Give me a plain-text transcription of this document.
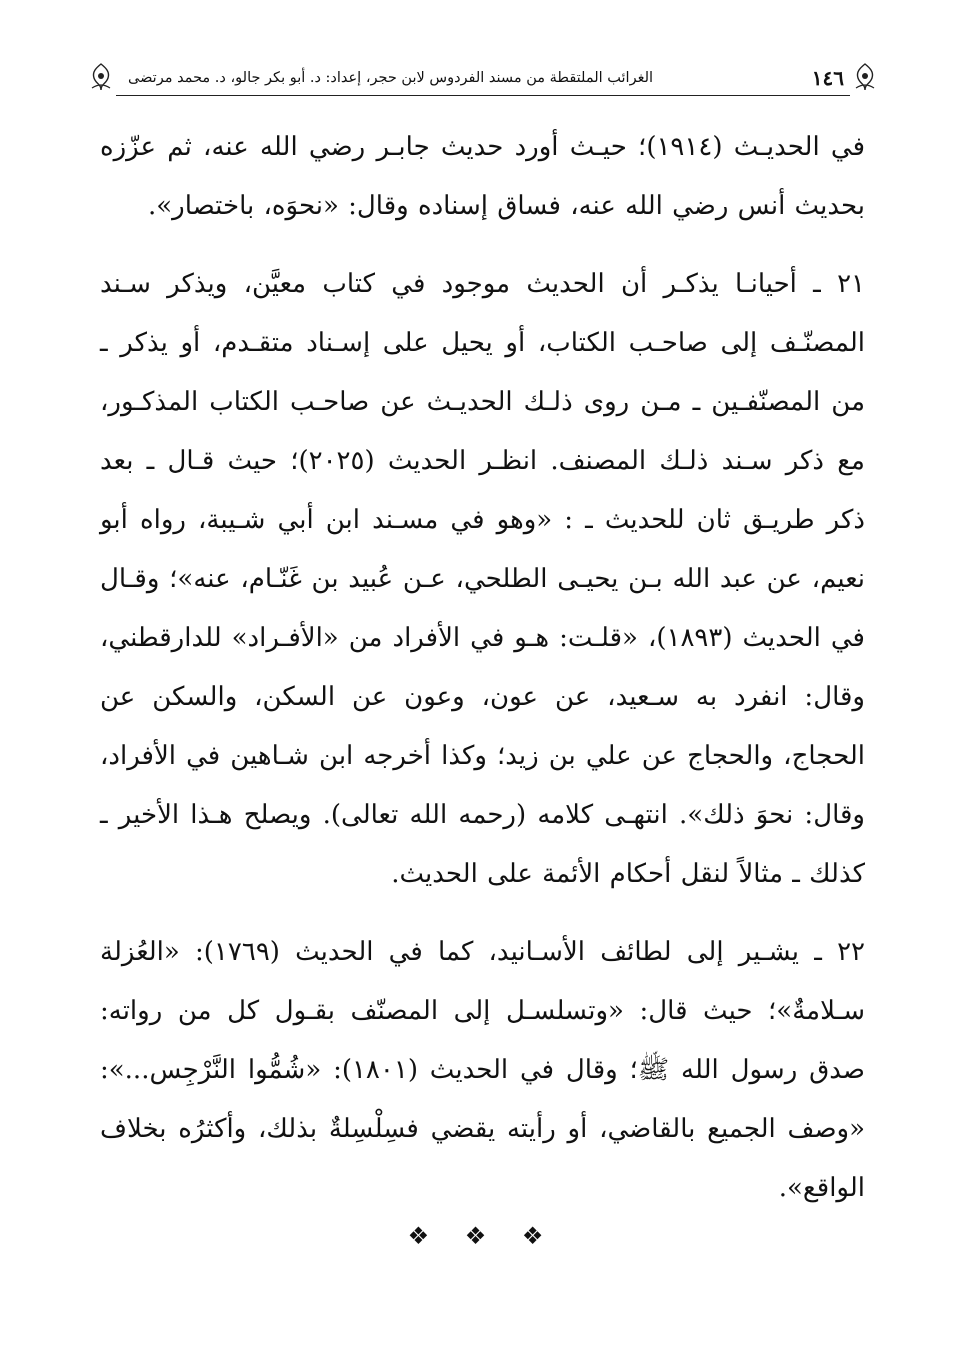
١٤٦
الغرائب الملتقطة من مسند الفردوس لابن حجر، إعداد: د. أبو بكر جالو، د. محمد مرتضى

في الحديـث (١٩١٤)؛ حيـث أورد حديث جابـر رضي الله عنه، ثم عزّزه بحديث أنس رضي الله عنه، فساق إسناده وقال: «نحوَه، باختصار».

٢١ ـ أحيانـا يذكـر أن الحديث موجود في كتاب معيَّن، ويذكر سـند المصنّـف إلى صاحـب الكتاب، أو يحيل على إسـناد متقـدم، أو يذكر ـ من المصنّفـين ـ مـن روى ذلـك الحديـث عن صاحـب الكتاب المذكـور، مع ذكر سـند ذلـك المصنف. انظـر الحديث (٢٠٢٥)؛ حيث قـال ـ بعد ذكر طريـق ثان للحديث ـ : «وهو في مسـند ابن أبي شـيبة، رواه أبو نعيم، عن عبد الله بـن يحيـى الطلحي، عـن عُبيد بن غَنّـام، عنه»؛ وقـال في الحديث (١٨٩٣)، «قلـت: هـو في الأفراد من «الأفـراد» للدارقطني، وقال: انفرد به سـعيد، عن عون، وعون عن السكن، والسكن عن الحجاج، والحجاج عن علي بن زيد؛ وكذا أخرجه ابن شـاهين في الأفراد، وقال: نحوَ ذلك». انتهـى كلامه (رحمه الله تعالى). ويصلح هـذا الأخير ـ كذلك ـ مثالاً لنقل أحكام الأئمة على الحديث.

٢٢ ـ يشـير إلى لطائف الأسـانيد، كما في الحديث (١٧٦٩): «العُزلة سـلامةٌ»؛ حيث قال: «وتسلسـل إلى المصنّف بقـول كل من رواته: صدق رسول الله ﷺ؛ وقال في الحديث (١٨٠١): «شُمُّوا النَّرْجِس...»: «وصف الجميع بالقاضي، أو رأيته يقضي فسِلْسِلةٌ بذلك، وأكثرُه بخلاف الواقع».

❖ ❖ ❖
